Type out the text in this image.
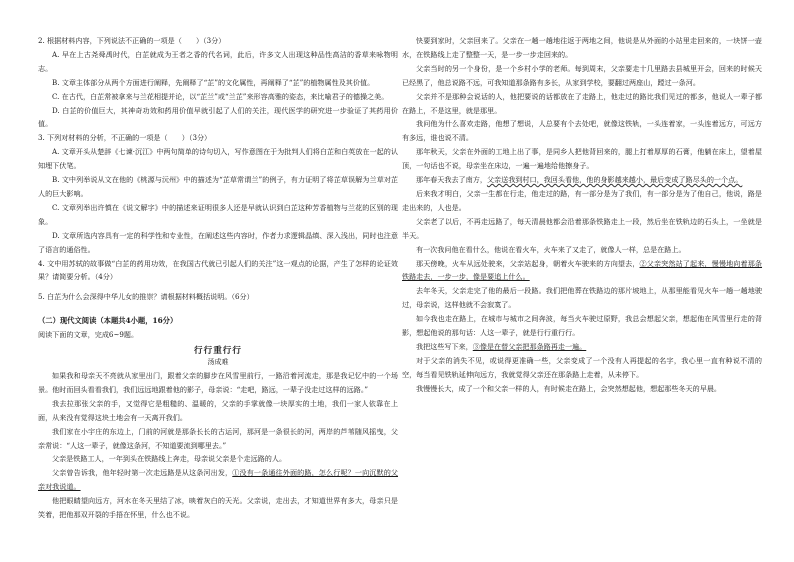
2. 根据材料内容，下列说法不正确的一项是（　　）（3分）

A. 早在上古尧舜禹时代，白芷就成为王者之香的代名词，此后，许多文人出现这种品性高洁的香草来咏物明志。

B. 文章主体部分从两个方面进行阐释，先阐释了“芷”的文化属性，再阐释了“芷”的植物属性及其价值。

C. 在古代，白芷常被拿来与兰花相提并论，以“芷兰”或“兰芷”来形容高雅的姿态，来比喻君子的德操之美。

D. 白芷的价值巨大，其神奇功效和药用价值早就引起了人们的关注，现代医学的研究进一步验证了其药用价值。

3. 下列对材料的分析，不正确的一项是（　　）（3分）

A. 文章开头从楚辞《七谏·沉江》中两句简单的诗句切入，写作意图在于为批判人们将白芷和白英放在一起的认知埋下伏笔。

B. 文中列举说从文在他的《桃源与沅州》中的描述为“芷草常谓兰”的例子，有力证明了将芷草误解为兰草对芷人的巨大影响。

C. 文章列举出许慎在《说文解字》中的描述来证明很多人还是早就认识到白芷这种芳香植物与兰花的区别的现象。

D. 文章所选内容具有一定的科学性和专业性，在阐述这些内容时，作者力求逻辑晶缜、深入浅出，同时也注意了语言的通俗性。

4. 文中用苏轼的故事做“白芷的药用功效，在我国古代就已引起人们的关注”这一观点的论据，产生了怎样的论证效果？请简要分析。（4分）

5. 白芷为什么会深得中华儿女的推崇？请根据材料概括说明。（6分）

（二）现代文阅读（本题共4小题，16分）

阅读下面的文章，完成6~9题。

行行重行行

汤成难

如果我和母亲天不亮就从家里出门，跟着父亲的脚步在风雪里前行，一路沿着河流走，那是我记忆中的一个场景。他时而回头看看我们，我们远远地跟着他的影子，母亲说：“走吧，路远，一辈子没走过这样的远路。”

我去拉那张父亲的手，又觉得它是粗糙的、温暖的，父亲的手掌就像一块厚实的土地，我们一家人依靠在上面，从来没有觉得这块土地会有一天离开我们。

我们家在小宇庄的东边上，门前的河就是那条长长的古运河，那河是一条很长的河，两岸的芦苇随风摇曳，父亲常说：“人这一辈子，就像这条河，不知道要流到哪里去。”

父亲是铁路工人，一年到头在铁路线上奔走，母亲说父亲是个走远路的人。

父亲曾告诉我，他年轻时第一次走远路是从这条河出发，①没有一条通往外面的路，怎么行呢？一向沉默的父亲对我说道。

他把眼睛望向远方，河水在冬天里结了冰，映着灰白的天光。父亲说，走出去，才知道世界有多大，母亲只是笑着，把他那双开裂的手捂在怀里，什么也不说。

快要到家时，父亲回来了。父亲在一趟一趟地往返于两地之间，他说是从外面的小站里走回来的，一块饼一壶水，在铁路线上走了整整一天，是一步一步走回来的。

父亲当时的另一个身份，是一个乡村小学的老师。每到周末，父亲要走十几里路去县城里开会，回来的时候天已经黑了，他总说路不远，可我知道那条路有多长，从家到学校，要翻过两座山，蹚过一条河。

父亲并不是那种会说话的人，他把要说的话都放在了走路上，他走过的路比我们见过的都多，他说人一辈子都在路上，不是这里，就是那里。

我问他为什么喜欢走路，他想了想说，人总要有个去处吧，就像这铁轨，一头连着家，一头连着远方，可远方有多远，谁也说不清。

那年秋天，父亲在外面的工地上出了事，是同乡人把他背回来的，腿上打着厚厚的石膏，他躺在床上，望着屋顶，一句话也不说，母亲坐在床边，一遍一遍地给他擦身子。

那年春天我去了南方，父亲送我到村口，我回头看他，他的身影越来越小，最后变成了路尽头的一个点。

后来我才明白，父亲一生都在行走，他走过的路，有一部分是为了我们，有一部分是为了他自己，他说，路是走出来的，人也是。

父亲老了以后，不再走远路了，每天清晨他都会沿着那条铁路走上一段，然后坐在铁轨边的石头上，一坐就是半天。

有一次我问他在看什么，他说在看火车，火车来了又走了，就像人一样，总是在路上。

那天傍晚，火车从远处驶来，父亲站起身，朝着火车驶来的方向望去，②父亲突然站了起来，慢慢地向着那条铁路走去，一步一步，像是要追上什么。

去年冬天，父亲走完了他的最后一段路。我们把他葬在铁路边的那片坡地上，从那里能看见火车一趟一趟地驶过，母亲说，这样他就不会寂寞了。

如今我也走在路上，在城市与城市之间奔波，每当火车驶过原野，我总会想起父亲，想起他在风雪里行走的背影，想起他说的那句话：人这一辈子，就是行行重行行。

我把这些写下来，③像是在替父亲把那条路再走一遍。

对于父亲的消失不见，或说得更准确一些，父亲变成了一个没有人再提起的名字，我心里一直有种说不清的空，每当看见铁轨延伸向远方，我就觉得父亲还在那条路上走着，从未停下。

我慢慢长大，成了一个和父亲一样的人，有时候走在路上，会突然想起他，想起那些冬天的早晨。
